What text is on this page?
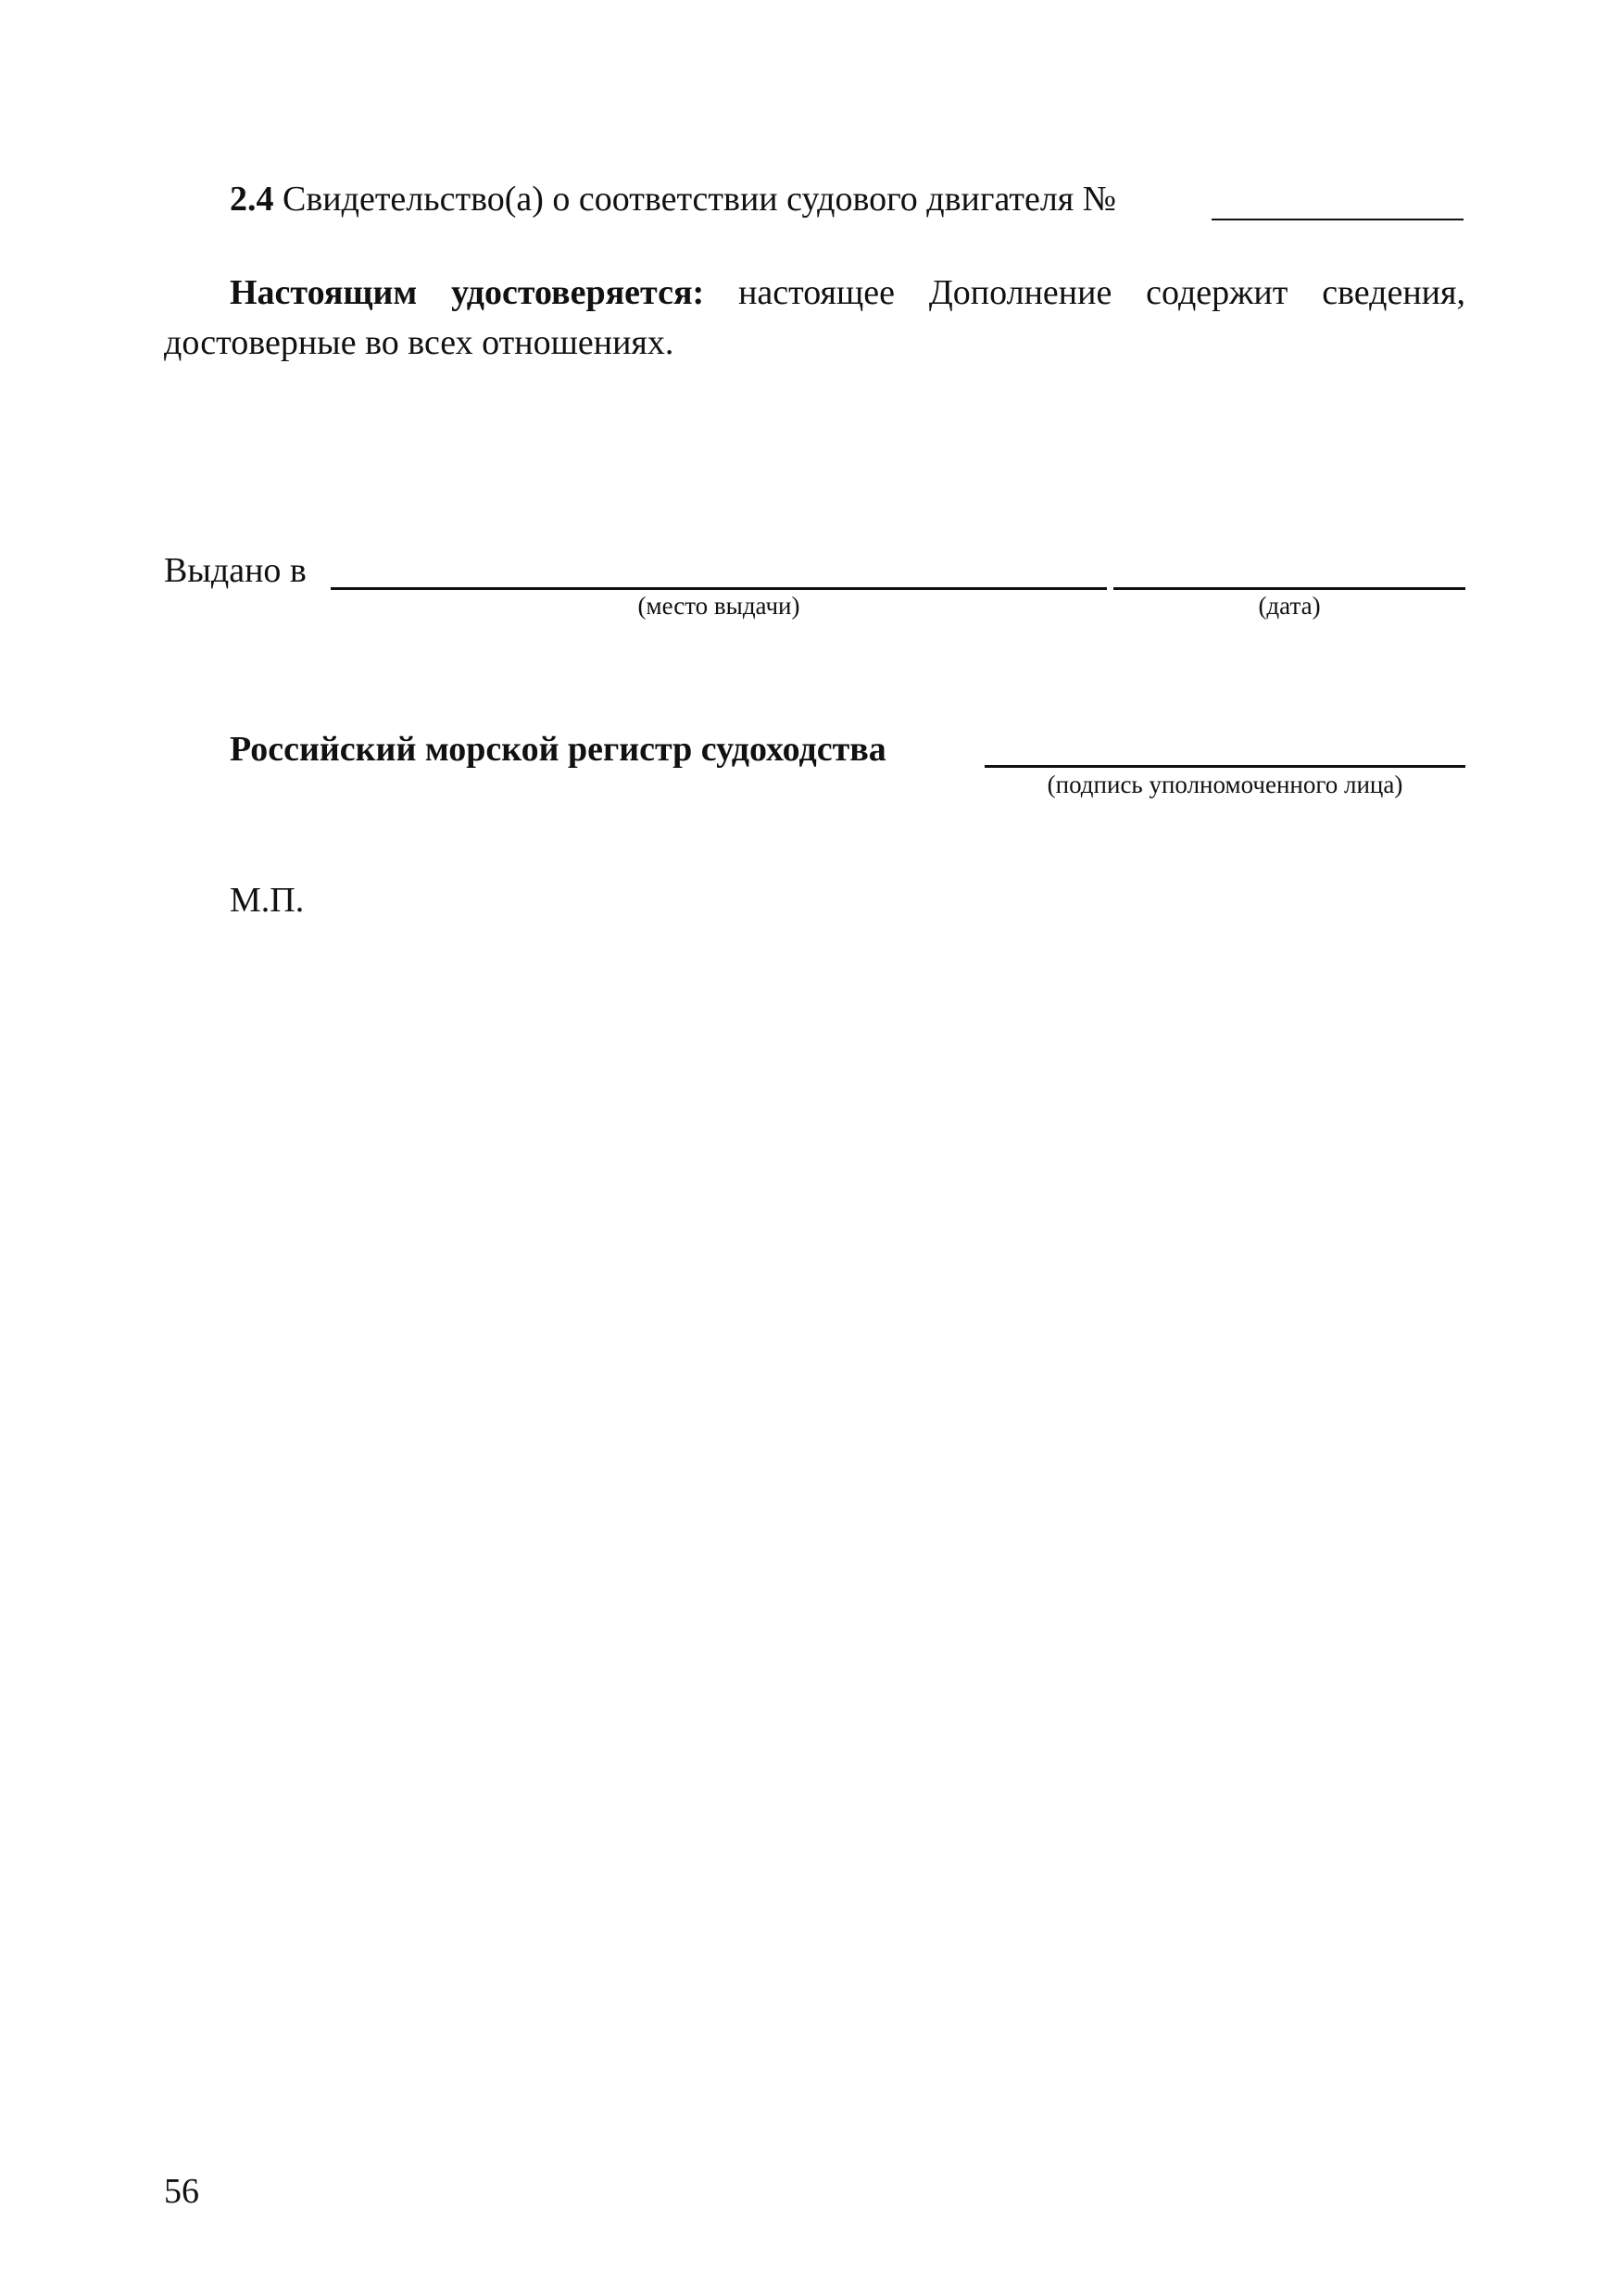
2.4 Свидетельство(а) о соответствии судового двигателя №
Настоящим удостоверяется: настоящее Дополнение содержит сведения,
достоверные во всех отношениях.
Выдано в
(место выдачи)	(дата)
Российский морской регистр судоходства
(подпись уполномоченного лица)
М.П.
56
